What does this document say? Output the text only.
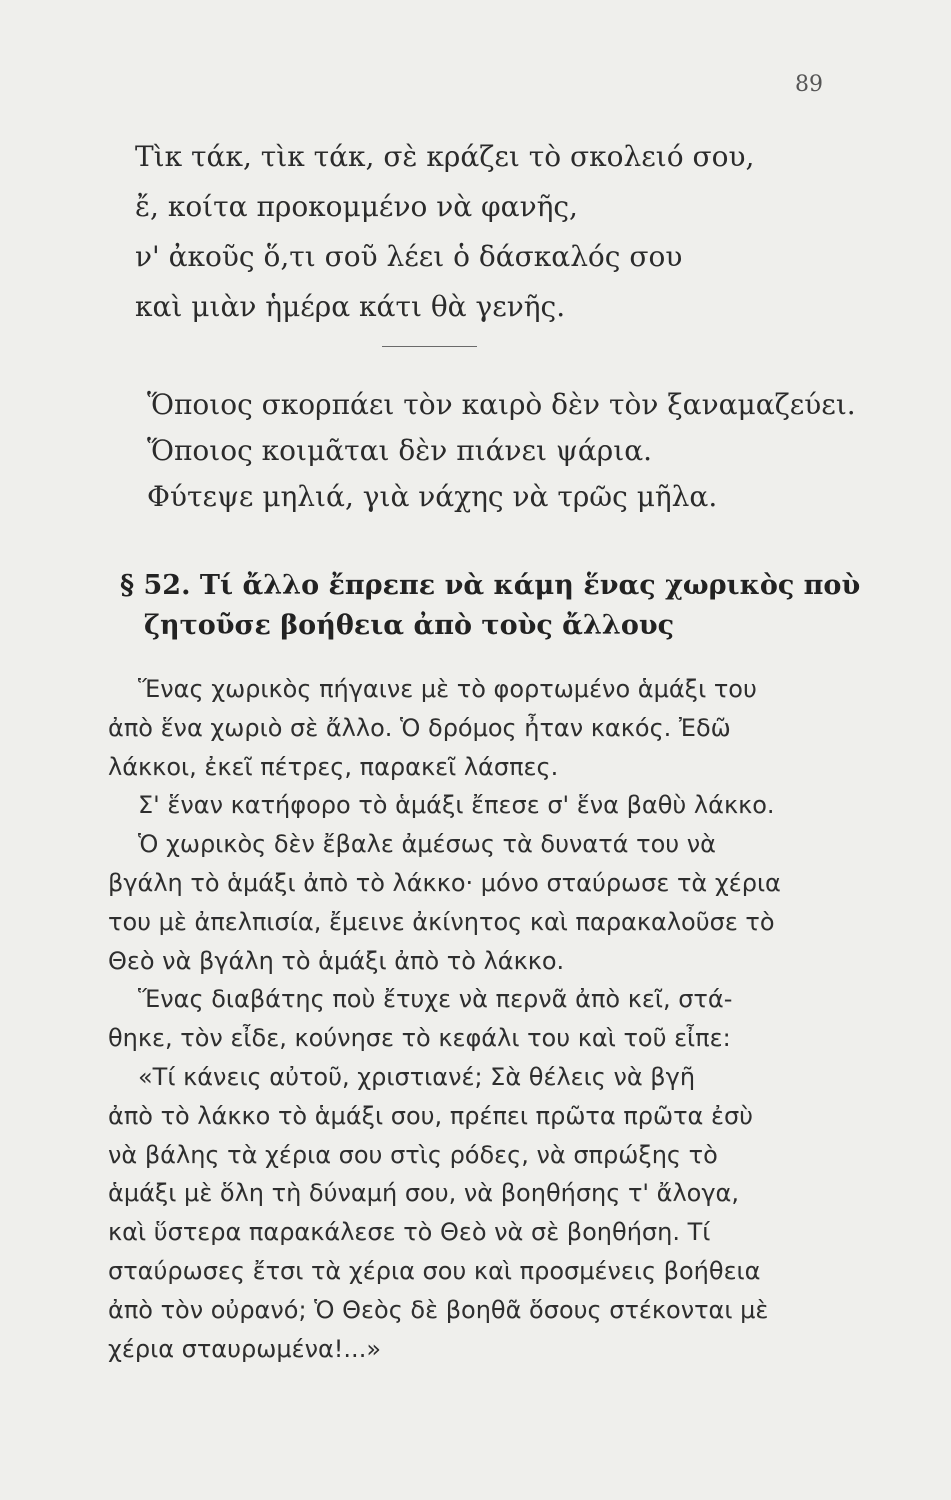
89
Τὶκ τάκ, τὶκ τάκ, σὲ κράζει τὸ σκολειό σου,
ἔ, κοίτα προκομμένο νὰ φανῆς,
ν' ἀκοῦς ὅ,τι σοῦ λέει ὁ δάσκαλός σου
καὶ μιὰν ἡμέρα κάτι θὰ γενῆς.
Ὅποιος σκορπάει τὸν καιρὸ δὲν τὸν ξαναμαζεύει.
Ὅποιος κοιμᾶται δὲν πιάνει ψάρια.
Φύτεψε μηλιά, γιὰ νάχης νὰ τρῶς μῆλα.
§ 52. Τί ἄλλο ἔπρεπε νὰ κάμη ἕνας χωρικὸς ποὺ
ζητοῦσε βοήθεια ἀπὸ τοὺς ἄλλους
Ἕνας χωρικὸς πήγαινε μὲ τὸ φορτωμένο ἁμάξι του
ἀπὸ ἕνα χωριὸ σὲ ἄλλο. Ὁ δρόμος ἦταν κακός. Ἐδῶ
λάκκοι, ἐκεῖ πέτρες, παρακεῖ λάσπες.
Σ' ἕναν κατήφορο τὸ ἁμάξι ἔπεσε σ' ἕνα βαθὺ λάκκο.
Ὁ χωρικὸς δὲν ἔβαλε ἀμέσως τὰ δυνατά του νὰ
βγάλη τὸ ἁμάξι ἀπὸ τὸ λάκκο· μόνο σταύρωσε τὰ χέρια
του μὲ ἀπελπισία, ἔμεινε ἀκίνητος καὶ παρακαλοῦσε τὸ
Θεὸ νὰ βγάλη τὸ ἁμάξι ἀπὸ τὸ λάκκο.
Ἕνας διαβάτης ποὺ ἔτυχε νὰ περνᾶ ἀπὸ κεῖ, στά-
θηκε, τὸν εἶδε, κούνησε τὸ κεφάλι του καὶ τοῦ εἶπε:
«Τί κάνεις αὐτοῦ, χριστιανέ; Σὰ θέλεις νὰ βγῆ
ἀπὸ τὸ λάκκο τὸ ἁμάξι σου, πρέπει πρῶτα πρῶτα ἐσὺ
νὰ βάλης τὰ χέρια σου στὶς ρόδες, νὰ σπρώξης τὸ
ἁμάξι μὲ ὅλη τὴ δύναμή σου, νὰ βοηθήσης τ' ἄλογα,
καὶ ὕστερα παρακάλεσε τὸ Θεὸ νὰ σὲ βοηθήση. Τί
σταύρωσες ἔτσι τὰ χέρια σου καὶ προσμένεις βοήθεια
ἀπὸ τὸν οὐρανό; Ὁ Θεὸς δὲ βοηθᾶ ὅσους στέκονται μὲ
χέρια σταυρωμένα!...»
